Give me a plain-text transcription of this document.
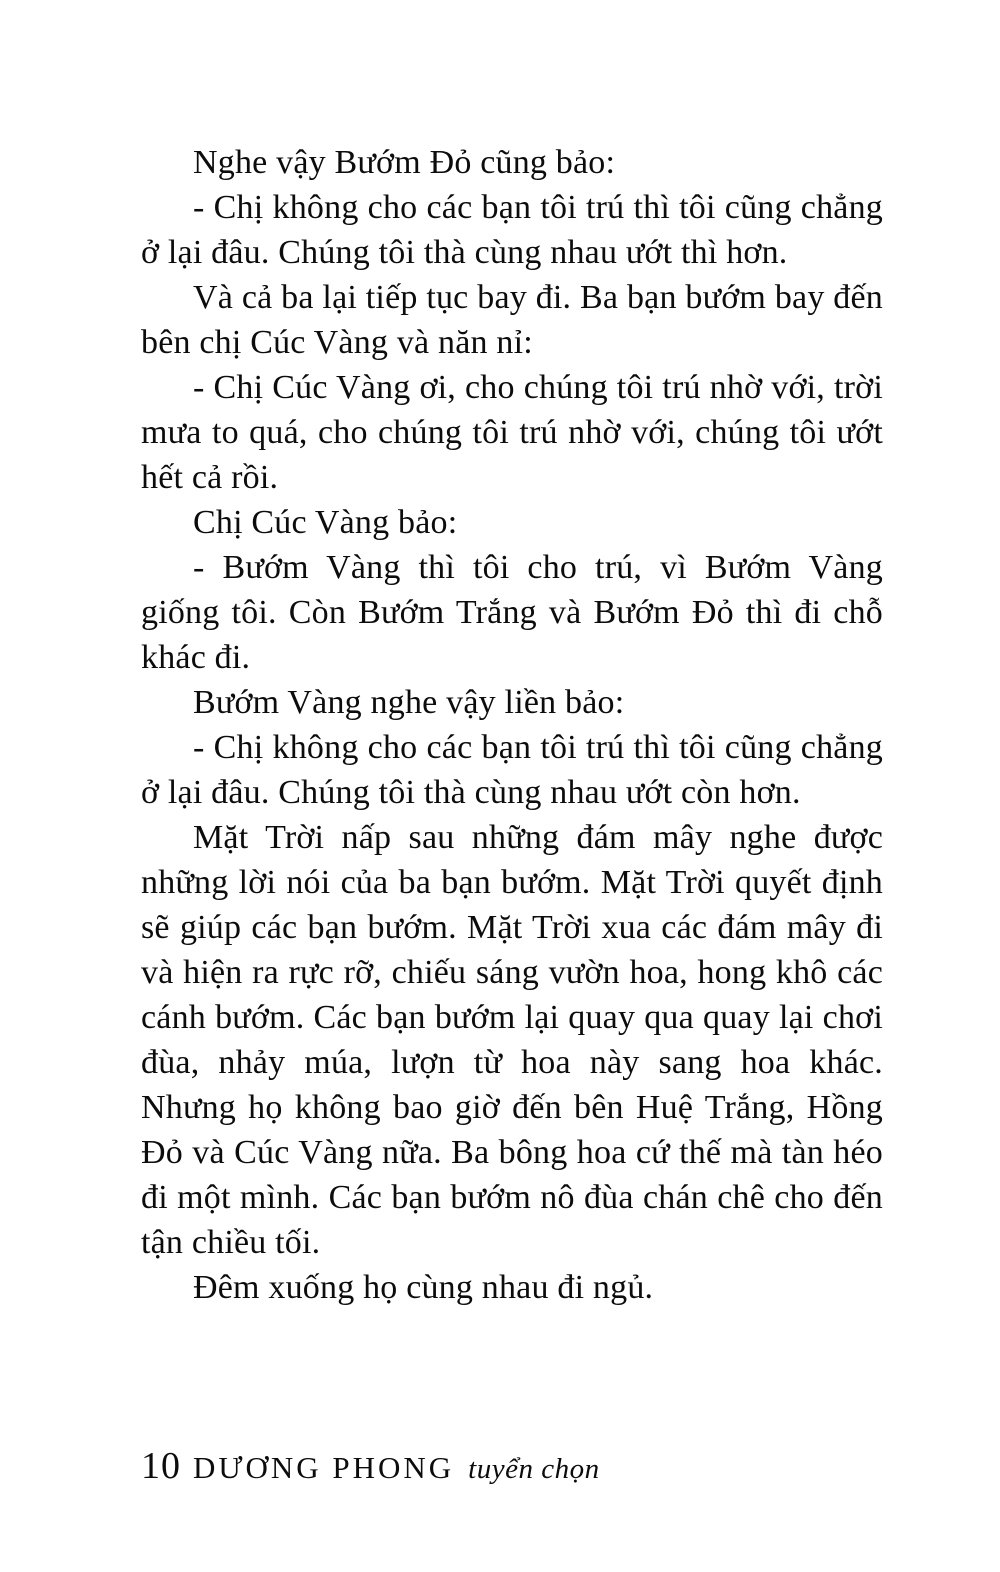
Nghe vậy Bướm Đỏ cũng bảo:

- Chị không cho các bạn tôi trú thì tôi cũng chẳng ở lại đâu. Chúng tôi thà cùng nhau ướt thì hơn.

Và cả ba lại tiếp tục bay đi. Ba bạn bướm bay đến bên chị Cúc Vàng và năn nỉ:

- Chị Cúc Vàng ơi, cho chúng tôi trú nhờ với, trời mưa to quá, cho chúng tôi trú nhờ với, chúng tôi ướt hết cả rồi.

Chị Cúc Vàng bảo:

- Bướm Vàng thì tôi cho trú, vì Bướm Vàng giống tôi. Còn Bướm Trắng và Bướm Đỏ thì đi chỗ khác đi.

Bướm Vàng nghe vậy liền bảo:

- Chị không cho các bạn tôi trú thì tôi cũng chẳng ở lại đâu. Chúng tôi thà cùng nhau ướt còn hơn.

Mặt Trời nấp sau những đám mây nghe được những lời nói của ba bạn bướm. Mặt Trời quyết định sẽ giúp các bạn bướm. Mặt Trời xua các đám mây đi và hiện ra rực rỡ, chiếu sáng vườn hoa, hong khô các cánh bướm. Các bạn bướm lại quay qua quay lại chơi đùa, nhảy múa, lượn từ hoa này sang hoa khác. Nhưng họ không bao giờ đến bên Huệ Trắng, Hồng Đỏ và Cúc Vàng nữa. Ba bông hoa cứ thế mà tàn héo đi một mình. Các bạn bướm nô đùa chán chê cho đến tận chiều tối.

Đêm xuống họ cùng nhau đi ngủ.

10 DƯƠNG PHONG tuyển chọn
